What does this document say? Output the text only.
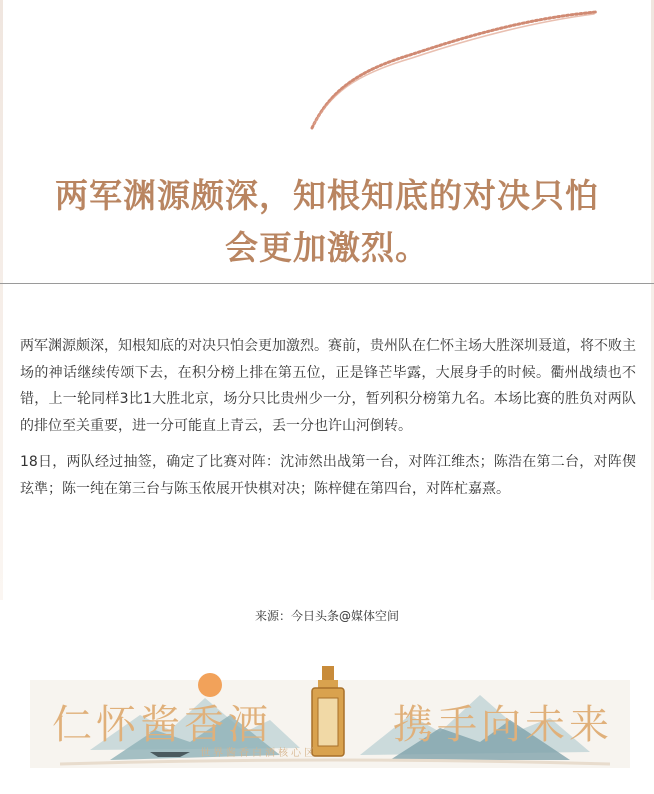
两军渊源颇深，知根知底的对决只怕
会更加激烈。

两军渊源颇深，知根知底的对决只怕会更加激烈。赛前，贵州队在仁怀主场大胜深圳聂道，将不败主场的神话继续传颂下去，在积分榜上排在第五位，正是锋芒毕露，大展身手的时候。衢州战绩也不错，上一轮同样3比1大胜北京，场分只比贵州少一分，暂列积分榜第九名。本场比赛的胜负对两队的排位至关重要，进一分可能直上青云，丢一分也许山河倒转。

18日，两队经过抽签，确定了比赛对阵：沈沛然出战第一台，对阵江维杰；陈浩在第二台，对阵偰玹準；陈一纯在第三台与陈玉侬展开快棋对决；陈梓健在第四台，对阵杧嘉熹。

来源：今日头条@媒体空间
仁怀酱香酒	携手向未来
世界酱香白酒核心区
